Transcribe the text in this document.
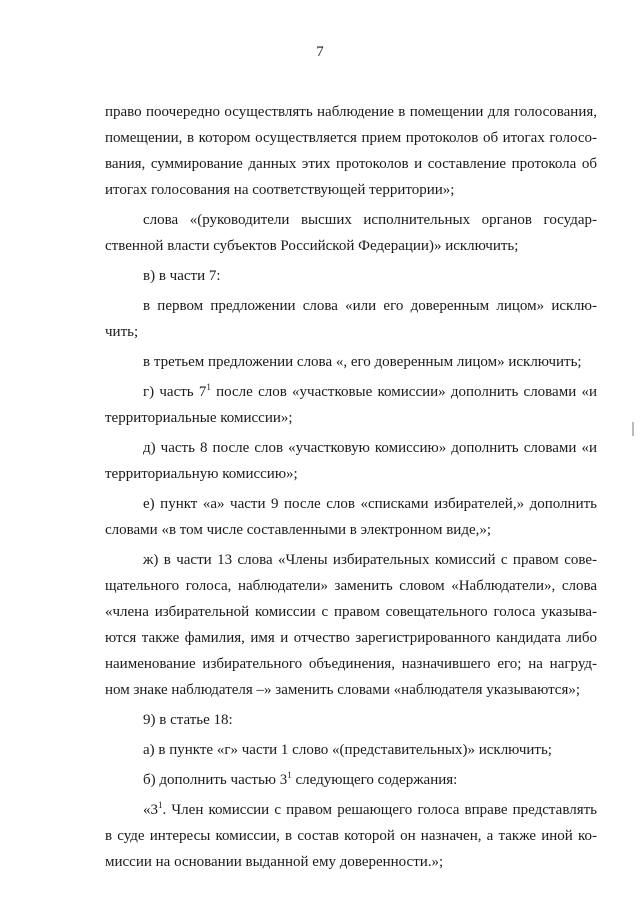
7
право поочередно осуществлять наблюдение в помещении для голосования,
помещении, в котором осуществляется прием протоколов об итогах голосо-
вания, суммирование данных этих протоколов и составление протокола об
итогах голосования на соответствующей территории»;
слова «(руководители высших исполнительных органов государ-
ственной власти субъектов Российской Федерации)» исключить;
в) в части 7:
в первом предложении слова «или его доверенным лицом» исклю-
чить;
в третьем предложении слова «, его доверенным лицом» исключить;
г) часть $7^1$ после слов «участковые комиссии» дополнить словами «и
территориальные комиссии»;
д) часть 8 после слов «участковую комиссию» дополнить словами «и
территориальную комиссию»;
е) пункт «а» части 9 после слов «списками избирателей,» дополнить
словами «в том числе составленными в электронном виде,»;
ж) в части 13 слова «Члены избирательных комиссий с правом сове-
щательного голоса, наблюдатели» заменить словом «Наблюдатели», слова
«члена избирательной комиссии с правом совещательного голоса указыва-
ются также фамилия, имя и отчество зарегистрированного кандидата либо
наименование избирательного объединения, назначившего его; на нагруд-
ном знаке наблюдателя –» заменить словами «наблюдателя указываются»;
9) в статье 18:
а) в пункте «г» части 1 слово «(представительных)» исключить;
б) дополнить частью $3^1$ следующего содержания:
«$3^1$. Член комиссии с правом решающего голоса вправе представлять
в суде интересы комиссии, в состав которой он назначен, а также иной ко-
миссии на основании выданной ему доверенности.»;
